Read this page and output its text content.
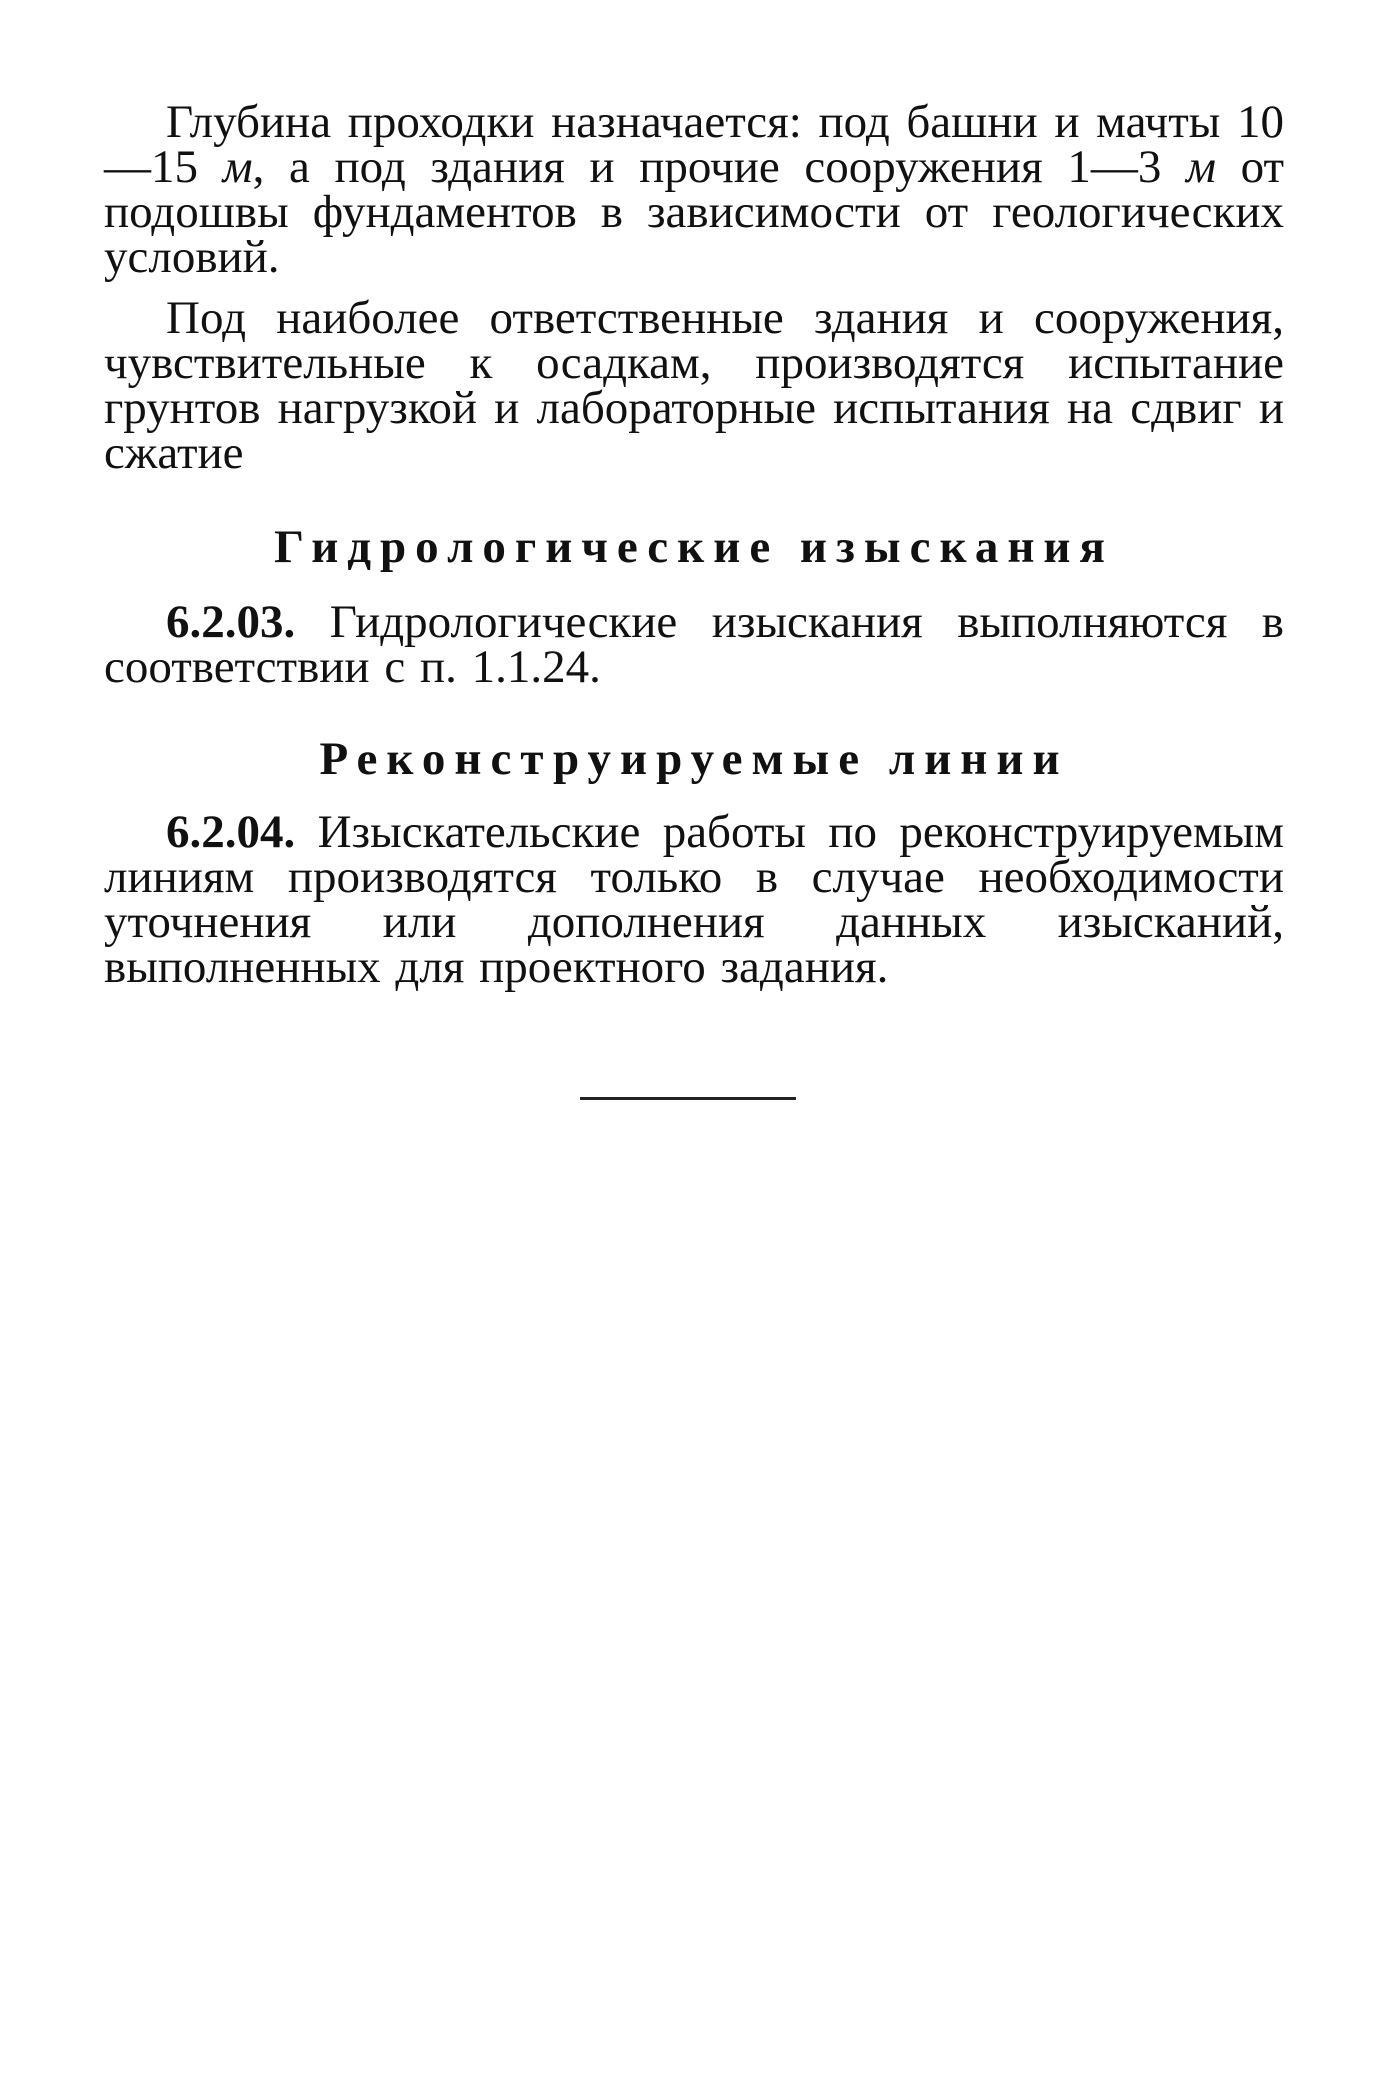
Глубина проходки назначается: под башни и мачты 10—15 м, а под здания и прочие сооружения 1—3 м от подошвы фундаментов в зависимости от геологических условий.

Под наиболее ответственные здания и сооружения, чувствительные к осадкам, производятся испытание грунтов нагрузкой и лабораторные испытания на сдвиг и сжатие

Гидрологические изыскания

6.2.03. Гидрологические изыскания выполняются в соответствии с п. 1.1.24.

Реконструируемые линии

6.2.04. Изыскательские работы по реконструируемым линиям производятся только в случае необходимости уточнения или дополнения данных изысканий, выполненных для проектного задания.
